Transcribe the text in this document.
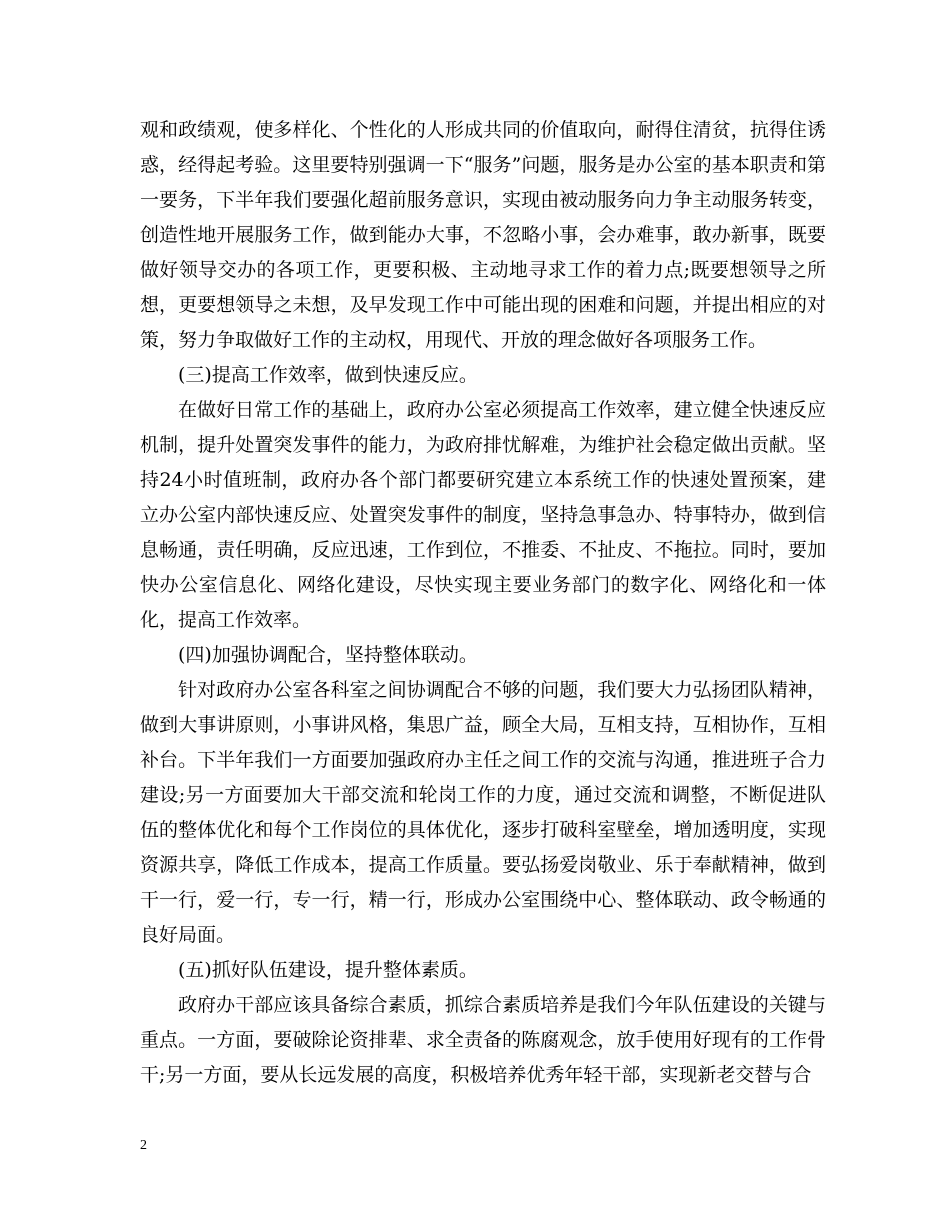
观和政绩观，使多样化、个性化的人形成共同的价值取向，耐得住清贫，抗得住诱惑，经得起考验。这里要特别强调一下“服务”问题，服务是办公室的基本职责和第一要务，下半年我们要强化超前服务意识，实现由被动服务向力争主动服务转变，创造性地开展服务工作，做到能办大事，不忽略小事，会办难事，敢办新事，既要做好领导交办的各项工作，更要积极、主动地寻求工作的着力点;既要想领导之所想，更要想领导之未想，及早发现工作中可能出现的困难和问题，并提出相应的对策，努力争取做好工作的主动权，用现代、开放的理念做好各项服务工作。

(三)提高工作效率，做到快速反应。

在做好日常工作的基础上，政府办公室必须提高工作效率，建立健全快速反应机制，提升处置突发事件的能力，为政府排忧解难，为维护社会稳定做出贡献。坚持24小时值班制，政府办各个部门都要研究建立本系统工作的快速处置预案，建立办公室内部快速反应、处置突发事件的制度，坚持急事急办、特事特办，做到信息畅通，责任明确，反应迅速，工作到位，不推委、不扯皮、不拖拉。同时，要加快办公室信息化、网络化建设，尽快实现主要业务部门的数字化、网络化和一体化，提高工作效率。

(四)加强协调配合，坚持整体联动。

针对政府办公室各科室之间协调配合不够的问题，我们要大力弘扬团队精神，做到大事讲原则，小事讲风格，集思广益，顾全大局，互相支持，互相协作，互相补台。下半年我们一方面要加强政府办主任之间工作的交流与沟通，推进班子合力建设;另一方面要加大干部交流和轮岗工作的力度，通过交流和调整，不断促进队伍的整体优化和每个工作岗位的具体优化，逐步打破科室壁垒，增加透明度，实现资源共享，降低工作成本，提高工作质量。要弘扬爱岗敬业、乐于奉献精神，做到干一行，爱一行，专一行，精一行，形成办公室围绕中心、整体联动、政令畅通的良好局面。

(五)抓好队伍建设，提升整体素质。

政府办干部应该具备综合素质，抓综合素质培养是我们今年队伍建设的关键与重点。一方面，要破除论资排辈、求全责备的陈腐观念，放手使用好现有的工作骨干;另一方面，要从长远发展的高度，积极培养优秀年轻干部，实现新老交替与合

2
